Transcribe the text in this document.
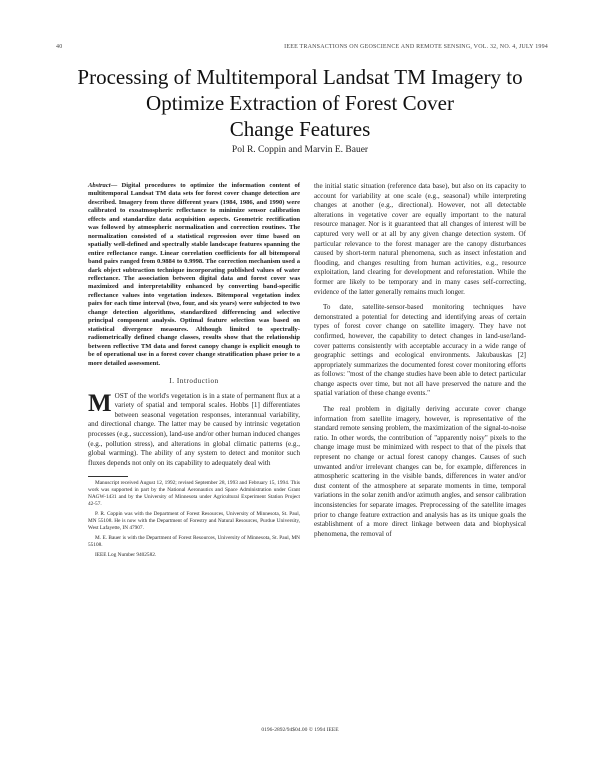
40	IEEE TRANSACTIONS ON GEOSCIENCE AND REMOTE SENSING, VOL. 32, NO. 4, JULY 1994
Processing of Multitemporal Landsat TM Imagery to
Optimize Extraction of Forest Cover
Change Features
Pol R. Coppin and Marvin E. Bauer

Abstract— Digital procedures to optimize the information content of multitemporal Landsat TM data sets for forest cover change detection are described. Imagery from three different years (1984, 1986, and 1990) were calibrated to exoatmospheric reflectance to minimize sensor calibration effects and standardize data acquisition aspects. Geometric rectification was followed by atmospheric normalization and correction routines. The normalization consisted of a statistical regression over time based on spatially well-defined and spectrally stable landscape features spanning the entire reflectance range. Linear correlation coefficients for all bitemporal band pairs ranged from 0.9884 to 0.9998. The correction mechanism used a dark object subtraction technique incorporating published values of water reflectance. The association between digital data and forest cover was maximized and interpretability enhanced by converting band-specific reflectance values into vegetation indexes. Bitemporal vegetation index pairs for each time interval (two, four, and six years) were subjected to two change detection algorithms, standardized differencing and selective principal component analysis. Optimal feature selection was based on statistical divergence measures. Although limited to spectrally-radiometrically defined change classes, results show that the relationship between reflective TM data and forest canopy change is explicit enough to be of operational use in a forest cover change stratification phase prior to a more detailed assessment.

I. Introduction

MOST of the world's vegetation is in a state of permanent flux at a variety of spatial and temporal scales. Hobbs [1] differentiates between seasonal vegetation responses, interannual variability, and directional change. The latter may be caused by intrinsic vegetation processes (e.g., succession), land-use and/or other human induced changes (e.g., pollution stress), and alterations in global climatic patterns (e.g., global warming). The ability of any system to detect and monitor such fluxes depends not only on its capability to adequately deal with

Manuscript received August 12, 1992; revised September 28, 1993 and February 15, 1994. This work was supported in part by the National Aeronautics and Space Administration under Grant NAGW-1431 and by the University of Minnesota under Agricultural Experiment Station Project 42-57.

P. R. Coppin was with the Department of Forest Resources, University of Minnesota, St. Paul, MN 55108. He is now with the Department of Forestry and Natural Resources, Purdue University, West Lafayette, IN 47907.

M. E. Bauer is with the Department of Forest Resources, University of Minnesota, St. Paul, MN 55108.

IEEE Log Number 9402582.

the initial static situation (reference data base), but also on its capacity to account for variability at one scale (e.g., seasonal) while interpreting changes at another (e.g., directional). However, not all detectable alterations in vegetative cover are equally important to the natural resource manager. Nor is it guaranteed that all changes of interest will be captured very well or at all by any given change detection system. Of particular relevance to the forest manager are the canopy disturbances caused by short-term natural phenomena, such as insect infestation and flooding, and changes resulting from human activities, e.g., resource exploitation, land clearing for development and reforestation. While the former are likely to be temporary and in many cases self-correcting, evidence of the latter generally remains much longer.

To date, satellite-sensor-based monitoring techniques have demonstrated a potential for detecting and identifying areas of certain types of forest cover change on satellite imagery. They have not confirmed, however, the capability to detect changes in land-use/land-cover patterns consistently with acceptable accuracy in a wide range of geographic settings and ecological environments. Jakubauskas [2] appropriately summarizes the documented forest cover monitoring efforts as follows: "most of the change studies have been able to detect particular change aspects over time, but not all have preserved the nature and the spatial variation of these change events."

The real problem in digitally deriving accurate cover change information from satellite imagery, however, is representative of the standard remote sensing problem, the maximization of the signal-to-noise ratio. In other words, the contribution of "apparently noisy" pixels to the change image must be minimized with respect to that of the pixels that represent no change or actual forest canopy changes. Causes of such unwanted and/or irrelevant changes can be, for example, differences in atmospheric scattering in the visible bands, differences in water and/or dust content of the atmosphere at separate moments in time, temporal variations in the solar zenith and/or azimuth angles, and sensor calibration inconsistencies for separate images. Preprocessing of the satellite images prior to change feature extraction and analysis has as its unique goals the establishment of a more direct linkage between data and biophysical phenomena, the removal of

0196-2892/94$04.00 © 1994 IEEE
